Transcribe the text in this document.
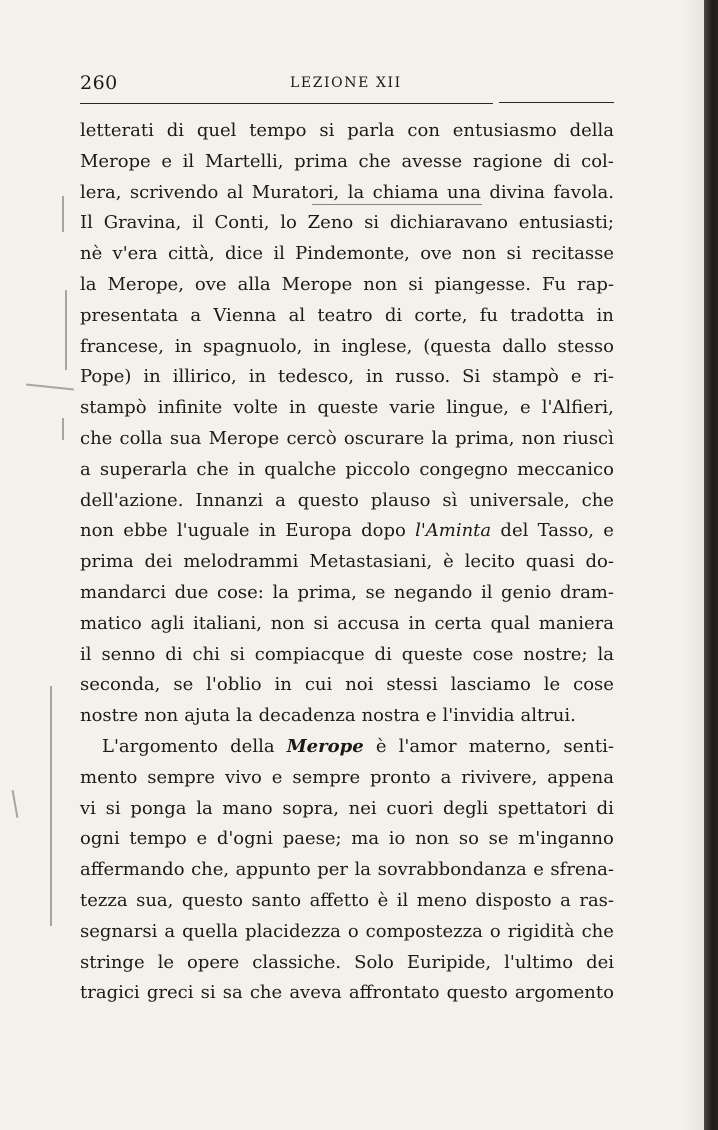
260	LEZIONE XII
letterati di quel tempo si parla con entusiasmo della
Merope e il Martelli, prima che avesse ragione di col-
lera, scrivendo al Muratori, la chiama una divina favola.
Il Gravina, il Conti, lo Zeno si dichiaravano entusiasti;
nè v'era città, dice il Pindemonte, ove non si recitasse
la Merope, ove alla Merope non si piangesse. Fu rap-
presentata a Vienna al teatro di corte, fu tradotta in
francese, in spagnuolo, in inglese, (questa dallo stesso
Pope) in illirico, in tedesco, in russo. Si stampò e ri-
stampò infinite volte in queste varie lingue, e l'Alfieri,
che colla sua Merope cercò oscurare la prima, non riuscì
a superarla che in qualche piccolo congegno meccanico
dell'azione. Innanzi a questo plauso sì universale, che
non ebbe l'uguale in Europa dopo l'Aminta del Tasso, e
prima dei melodrammi Metastasiani, è lecito quasi do-
mandarci due cose: la prima, se negando il genio dram-
matico agli italiani, non si accusa in certa qual maniera
il senno di chi si compiacque di queste cose nostre; la
seconda, se l'oblio in cui noi stessi lasciamo le cose
nostre non ajuta la decadenza nostra e l'invidia altrui.
L'argomento della Merope è l'amor materno, senti-
mento sempre vivo e sempre pronto a rivivere, appena
vi si ponga la mano sopra, nei cuori degli spettatori di
ogni tempo e d'ogni paese; ma io non so se m'inganno
affermando che, appunto per la sovrabbondanza e sfrena-
tezza sua, questo santo affetto è il meno disposto a ras-
segnarsi a quella placidezza o compostezza o rigidità che
stringe le opere classiche. Solo Euripide, l'ultimo dei
tragici greci si sa che aveva affrontato questo argomento
